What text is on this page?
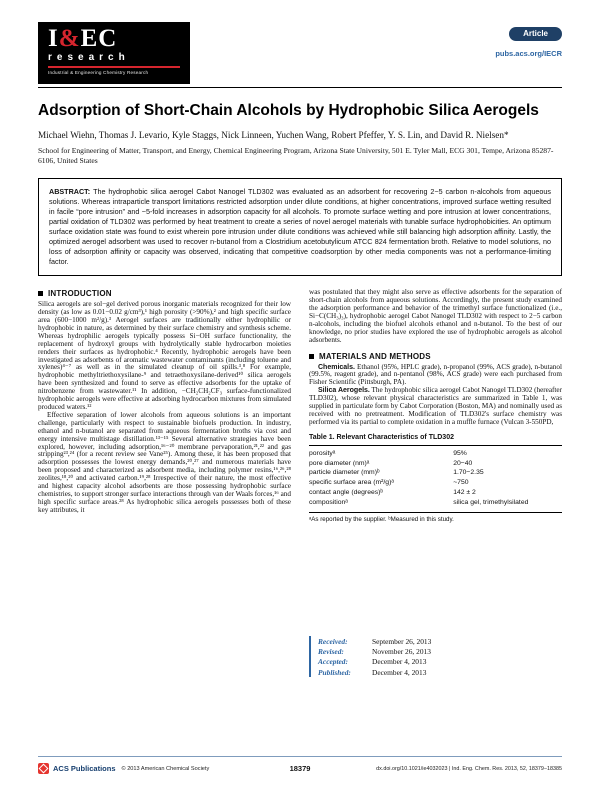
I&EC
research
Industrial & Engineering Chemistry Research
Article
pubs.acs.org/IECR
Adsorption of Short-Chain Alcohols by Hydrophobic Silica Aerogels

Michael Wiehn, Thomas J. Levario, Kyle Staggs, Nick Linneen, Yuchen Wang, Robert Pfeffer, Y. S. Lin, and David R. Nielsen*

School for Engineering of Matter, Transport, and Energy, Chemical Engineering Program, Arizona State University, 501 E. Tyler Mall, ECG 301, Tempe, Arizona 85287-6106, United States

ABSTRACT: The hydrophobic silica aerogel Cabot Nanogel TLD302 was evaluated as an adsorbent for recovering 2−5 carbon n-alcohols from aqueous solutions. Whereas intraparticle transport limitations restricted adsorption under dilute conditions, at higher concentrations, improved surface wetting resulted in facile “pore intrusion” and ~5-fold increases in adsorption capacity for all alcohols. To promote surface wetting and pore intrusion at lower concentrations, partial oxidation of TLD302 was performed by heat treatment to create a series of novel aerogel materials with tunable surface hydrophobicities. An optimum surface oxidation state was found to exist wherein pore intrusion under dilute conditions was achieved while still balancing high adsorption affinity. Lastly, the optimized aerogel adsorbent was used to recover n-butanol from a Clostridium acetobutylicum ATCC 824 fermentation broth. Relative to model solutions, no loss of adsorption affinity or capacity was observed, indicating that competitive coadsorption by other media components was not a performance-limiting factor.
INTRODUCTION

Silica aerogels are sol−gel derived porous inorganic materials recognized for their low density (as low as 0.01−0.02 g/cm³),¹ high porosity (>90%),² and high specific surface area (600−1000 m²/g).³ Aerogel surfaces are traditionally either hydrophilic or hydrophobic in nature, as determined by their surface chemistry and synthesis scheme. Whereas hydrophilic aerogels typically possess Si−OH surface functionality, the replacement of hydroxyl groups with hydrolytically stable hydrocarbon moieties renders their surfaces as hydrophobic.⁴ Recently, hydrophobic aerogels have been investigated as adsorbents of aromatic wastewater contaminants (including toluene and xylenes)⁴⁻⁷ as well as in the simulated cleanup of oil spills.³,⁸ For example, hydrophobic methyltriethoxysilane-⁹ and tetraethoxysilane-derived¹⁰ silica aerogels have been synthesized and found to serve as effective adsorbents for the uptake of nitrobenzene from wastewater.¹¹ In addition, −CH₂CH₂CF₃ surface-functionalized hydrophobic aerogels were effective at adsorbing hydrocarbon mixtures from simulated produced waters.¹²

Effective separation of lower alcohols from aqueous solutions is an important challenge, particularly with respect to sustainable biofuels production. In industry, ethanol and n-butanol are separated from aqueous fermentation broths via cost and energy intensive multistage distillation.¹³⁻¹⁵ Several alternative strategies have been explored, however, including adsorption,¹⁶⁻²⁰ membrane pervaporation,²¹,²² and gas stripping²³,²⁴ (for a recent review see Vane²⁵). Among these, it has been proposed that adsorption possesses the lowest energy demands,²⁰,²⁷ and numerous materials have been proposed and characterized as adsorbent media, including polymer resins,¹⁶,²⁶,²⁸ zeolites,¹⁸,²⁰ and activated carbon.¹⁹,²⁸ Irrespective of their nature, the most effective and highest capacity alcohol adsorbents are those possessing hydrophobic surface chemistries, to support stronger surface interactions through van der Waals forces,¹⁶ and high specific surface areas.²⁸ As hydrophobic silica aerogels possesses both of these key attributes, it

was postulated that they might also serve as effective adsorbents for the separation of short-chain alcohols from aqueous solutions. Accordingly, the present study examined the adsorption performance and behavior of the trimethyl surface functionalized (i.e., Si−C(CH₃)₃), hydrophobic aerogel Cabot Nanogel TLD302 with respect to 2−5 carbon n-alcohols, including the biofuel alcohols ethanol and n-butanol. To the best of our knowledge, no prior studies have explored the use of hydrophobic aerogels as alcohol adsorbents.

MATERIALS AND METHODS

Chemicals. Ethanol (95%, HPLC grade), n-propanol (99%, ACS grade), n-butanol (99.5%, reagent grade), and n-pentanol (98%, ACS grade) were each purchased from Fisher Scientific (Pittsburgh, PA).

Silica Aerogels. The hydrophobic silica aerogel Cabot Nanogel TLD302 (hereafter TLD302), whose relevant physical characteristics are summarized in Table 1, was supplied in particulate form by Cabot Corporation (Boston, MA) and nominally used as received with no pretreatment. Modification of TLD302's surface chemistry was performed via its partial to complete oxidation in a muffle furnace (Vulcan 3-550PD,

Table 1. Relevant Characteristics of TLD302
porosityᵃ	95%
pore diameter (nm)ᵃ	20−40
particle diameter (mm)ᵇ	1.70−2.35
specific surface area (m²/g)ᵃ	~750
contact angle (degrees)ᵇ	142 ± 2
compositionᵃ	silica gel, trimethylsilated
ᵃAs reported by the supplier. ᵇMeasured in this study.
Received:	September 26, 2013
Revised:	November 26, 2013
Accepted:	December 4, 2013
Published:	December 4, 2013
ACS Publications © 2013 American Chemical Society	18379	dx.doi.org/10.1021/ie4032023 | Ind. Eng. Chem. Res. 2013, 52, 18379−18385
